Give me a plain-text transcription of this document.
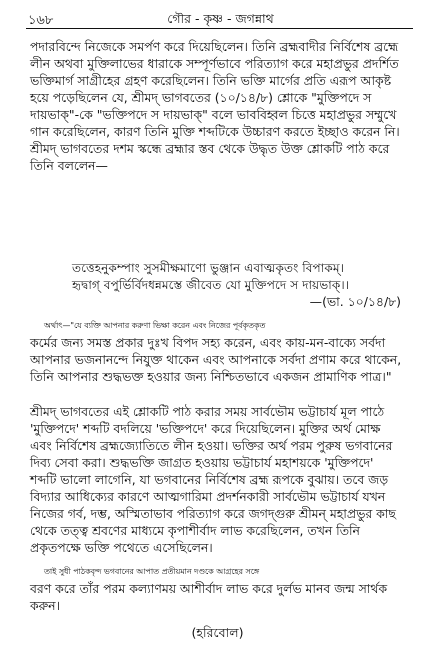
১৬৮	গৌর - কৃষ্ণ - জগন্নাথ
পদারবিন্দে নিজেকে সমর্পণ করে দিয়েছিলেন। তিনি ব্রহ্মবাদীর নির্বিশেষ ব্রহ্মে
লীন অথবা মুক্তিলাভের ধারাকে সম্পূর্ণভাবে পরিত্যাগ করে মহাপ্রভুর প্রদর্শিত
ভক্তিমার্গ সাগ্রীহের গ্রহণ করেছিলেন। তিনি ভক্তি মার্গের প্রতি এরূপ আকৃষ্ট
হয়ে পড়েছিলেন যে, শ্রীমদ্ ভাগবতের (১০/১৪/৮) শ্লোকে "মুক্তিপদে স
দায়ভাক্"-কে "ভক্তিপদে স দায়ভাক্" বলে ভাববিহ্বল চিত্তে মহাপ্রভুর সম্মুখে
গান করেছিলেন, কারণ তিনি মুক্তি শব্দটিকে উচ্চারণ করতে ইচ্ছাও করেন নি।
শ্রীমদ্ ভাগবতের দশম স্কন্ধে ব্রহ্মার স্তব থেকে উদ্ধৃত উক্ত শ্লোকটি পাঠ করে
তিনি বললেন—
তত্তেহনুকম্পাং সুসমীক্ষমাণো ভুঞ্জান এবাত্মকৃতং বিপাকম্।
হৃদ্বাগ্ বপুর্ভির্বিদধন্নমস্তে জীবেত যো মুক্তিপদে স দায়ভাক্।।
—(ভা. ১০/১৪/৮)
অর্থাৎ—"যে ব্যক্তি আপনার করুণা ভিক্ষা করেন এবং নিজের পূর্বকৃতকৃত
কর্মের জন্য সমস্ত প্রকার দুঃখ বিপদ সহ্য করেন, এবং কায়-মন-বাক্যে সর্বদা
আপনার ভজনানন্দে নিযুক্ত থাকেন এবং আপনাকে সর্বদা প্রণাম করে থাকেন,
তিনি আপনার শুদ্ধভক্ত হওয়ার জন্য নিশ্চিতভাবে একজন প্রামাণিক পাত্র।"
শ্রীমদ্ ভাগবতের এই শ্লোকটি পাঠ করার সময় সার্বভৌম ভট্টাচার্য মূল পাঠে
'মুক্তিপদে' শব্দটি বদলিয়ে 'ভক্তিপদে' করে দিয়েছিলেন। মুক্তির অর্থ মোক্ষ
এবং নির্বিশেষ ব্রহ্মজ্যোতিতে লীন হওয়া। ভক্তির অর্থ পরম পুরুষ ভগবানের
দিব্য সেবা করা। শুদ্ধভক্তি জাগ্রত হওয়ায় ভট্টাচার্য মহাশয়কে 'মুক্তিপদে'
শব্দটি ভালো লাগেনি, যা ভগবানের নির্বিশেষ ব্রহ্ম রূপকে বুঝায়। তবে জড়
বিদ্যার আধিক্যের কারণে আত্মগারিমা প্রদর্শনকারী সার্বভৌম ভট্টাচার্য যখন
নিজের গর্ব, দম্ভ, অস্মিতাভাব পরিত্যাগ করে জগদ্গুরু শ্রীমন্ মহাপ্রভুর কাছ
থেকে তত্ত্ব শ্রবণের মাধ্যমে কৃপাশীর্বাদ লাভ করেছিলেন, তখন তিনি
প্রকৃতপক্ষে ভক্তি পথেতে এসেছিলেন।
তাই সুধী পাঠকবৃন্দ ভগবানের আপাত প্রতীয়মান দণ্ডকে আগ্রহের সঙ্গে
বরণ করে তাঁর পরম কল্যাণময় আশীর্বাদ লাভ করে দুর্লভ মানব জন্ম সার্থক
করুন।
(হরিবোল)
